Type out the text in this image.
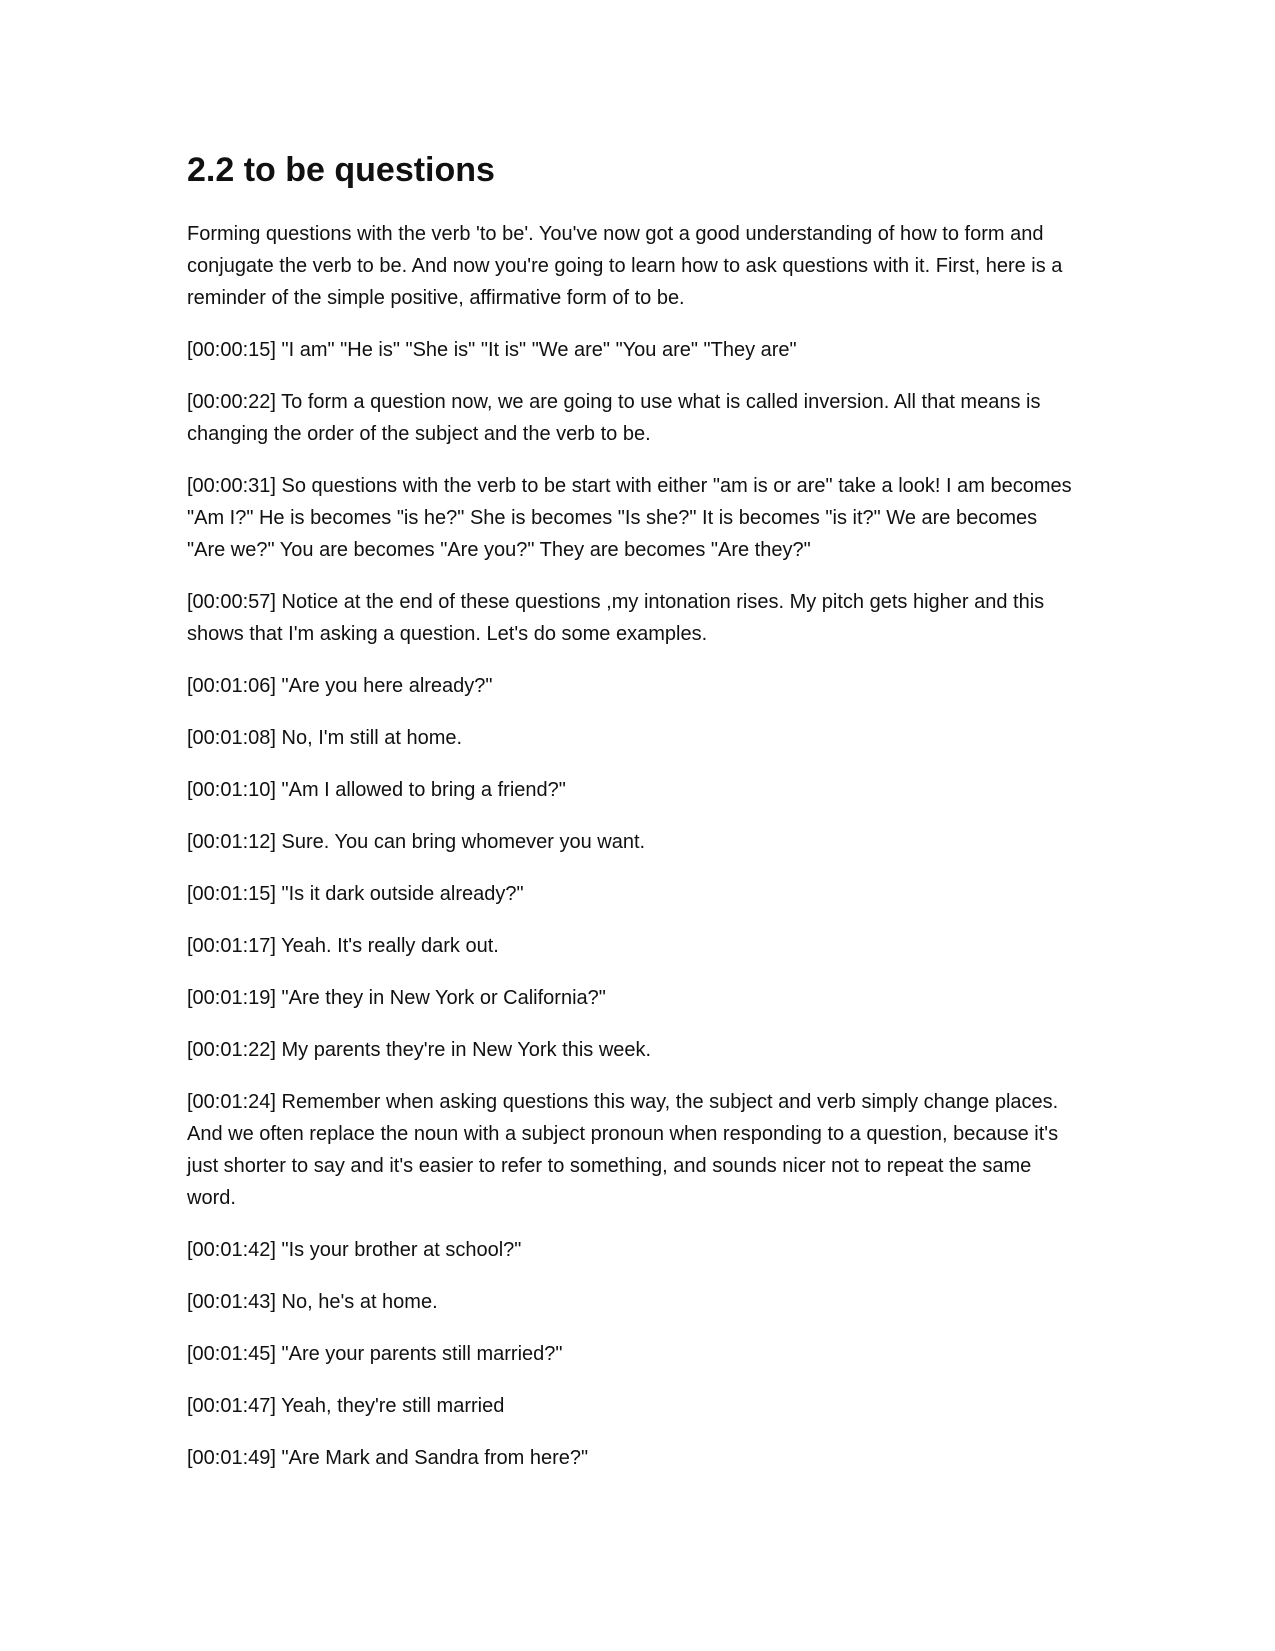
2.2 to be questions

Forming questions with the verb 'to be'. You've now got a good understanding of how to form and conjugate the verb to be. And now you're going to learn how to ask questions with it. First, here is a reminder of the simple positive, affirmative form of to be.

[00:00:15] "I am" "He is" "She is" "It is" "We are" "You are" "They are"

[00:00:22] To form a question now, we are going to use what is called inversion. All that means is changing the order of the subject and the verb to be.

[00:00:31] So questions with the verb to be start with either "am is or are" take a look! I am becomes "Am I?" He is becomes "is he?" She is becomes "Is she?" It is becomes "is it?" We are becomes "Are we?" You are becomes "Are you?" They are becomes "Are they?"

[00:00:57] Notice at the end of these questions ,my intonation rises. My pitch gets higher and this shows that I'm asking a question. Let's do some examples.

[00:01:06] "Are you here already?"

[00:01:08] No, I'm still at home.

[00:01:10] "Am I allowed to bring a friend?"

[00:01:12] Sure. You can bring whomever you want.

[00:01:15] "Is it dark outside already?"

[00:01:17] Yeah. It's really dark out.

[00:01:19] "Are they in New York or California?"

[00:01:22] My parents they're in New York this week.

[00:01:24] Remember when asking questions this way, the subject and verb simply change places. And we often replace the noun with a subject pronoun when responding to a question, because it's just shorter to say and it's easier to refer to something, and sounds nicer not to repeat the same word.

[00:01:42] "Is your brother at school?"

[00:01:43] No, he's at home.

[00:01:45] "Are your parents still married?"

[00:01:47] Yeah, they're still married

[00:01:49] "Are Mark and Sandra from here?"
